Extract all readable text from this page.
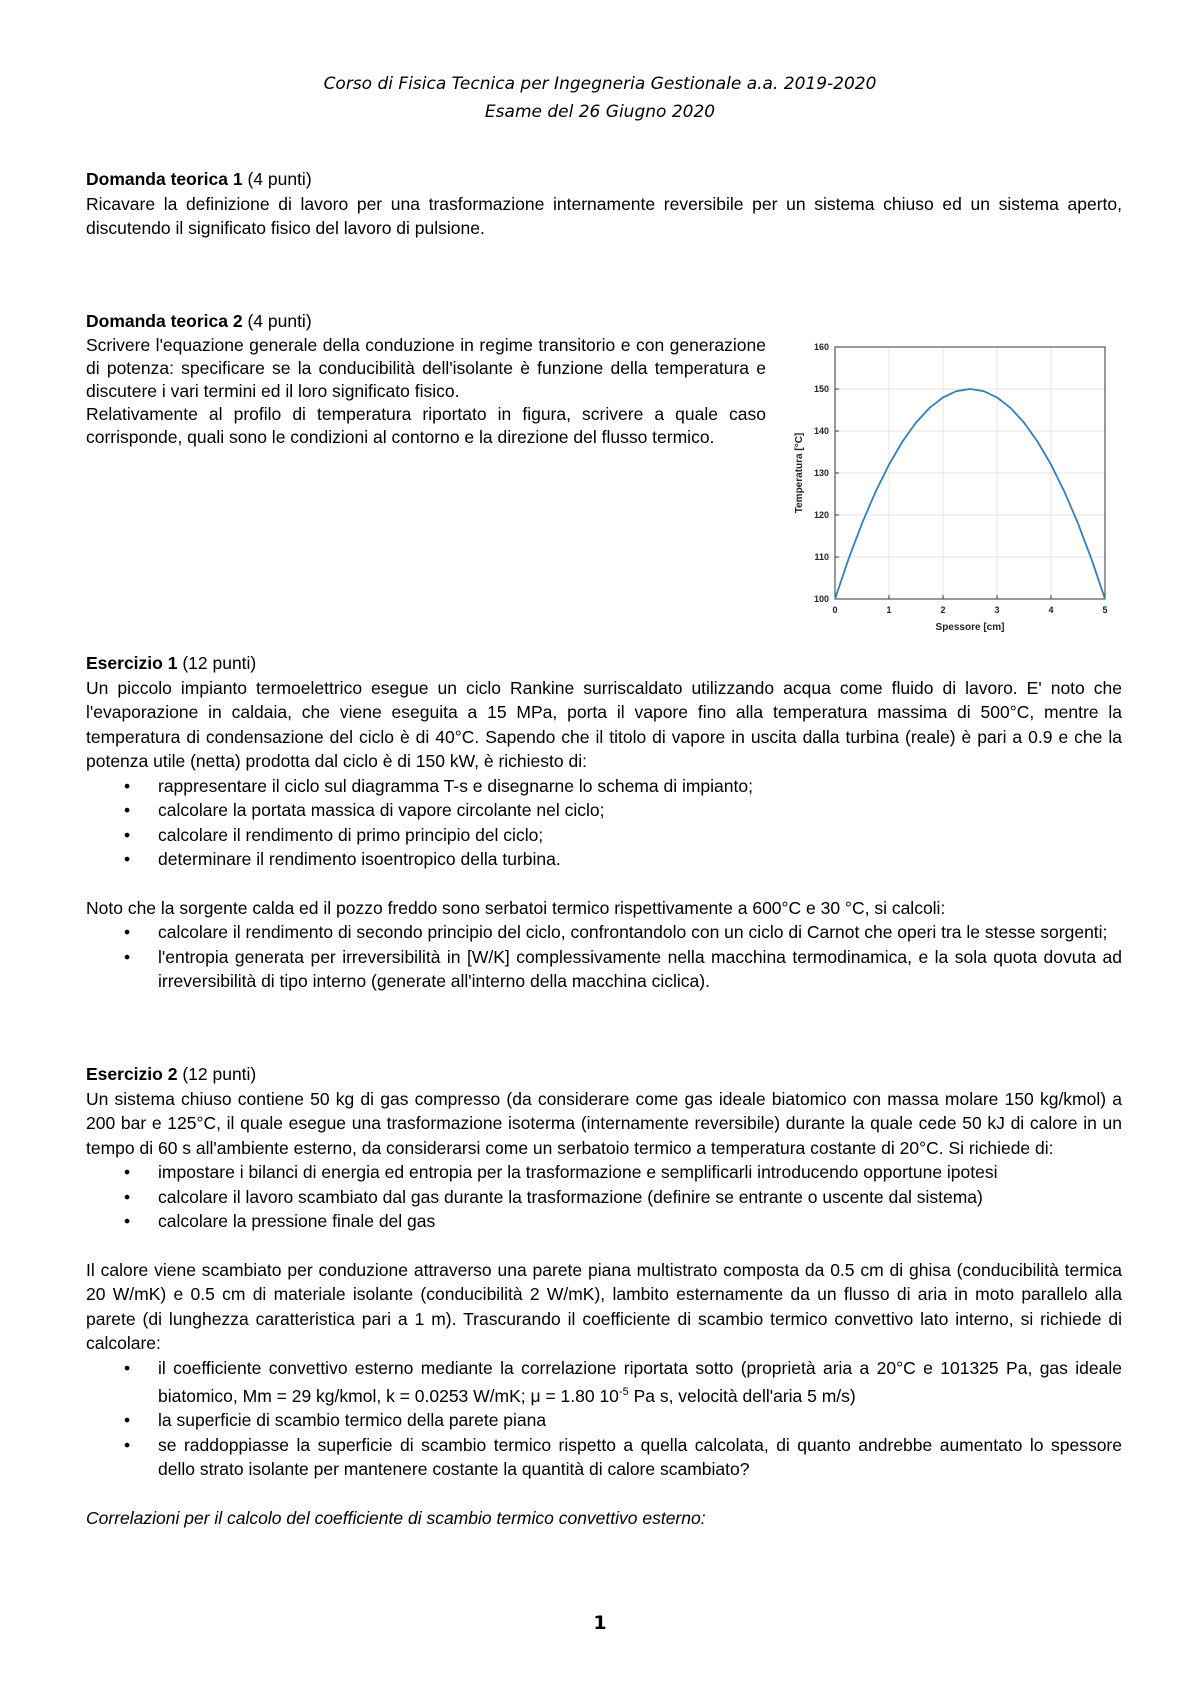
Corso di Fisica Tecnica per Ingegneria Gestionale a.a. 2019-2020
Esame del 26 Giugno 2020

Domanda teorica 1 (4 punti)

Ricavare la definizione di lavoro per una trasformazione internamente reversibile per un sistema chiuso ed un sistema aperto, discutendo il significato fisico del lavoro di pulsione.

Domanda teorica 2 (4 punti)

Scrivere l'equazione generale della conduzione in regime transitorio e con generazione di potenza: specificare se la conducibilità dell'isolante è funzione della temperatura e discutere i vari termini ed il loro significato fisico.

Relativamente al profilo di temperatura riportato in figura, scrivere a quale caso corrisponde, quali sono le condizioni al contorno e la direzione del flusso termico.

0	1	2	3	4	5
100
110
120
130
140
150
160
Spessore [cm]
Temperatura [°C]

Esercizio 1 (12 punti)

Un piccolo impianto termoelettrico esegue un ciclo Rankine surriscaldato utilizzando acqua come fluido di lavoro. E' noto che l'evaporazione in caldaia, che viene eseguita a 15 MPa, porta il vapore fino alla temperatura massima di 500°C, mentre la temperatura di condensazione del ciclo è di 40°C. Sapendo che il titolo di vapore in uscita dalla turbina (reale) è pari a 0.9 e che la potenza utile (netta) prodotta dal ciclo è di 150 kW, è richiesto di:

• rappresentare il ciclo sul diagramma T-s e disegnarne lo schema di impianto;
• calcolare la portata massica di vapore circolante nel ciclo;
• calcolare il rendimento di primo principio del ciclo;
• determinare il rendimento isoentropico della turbina.

Noto che la sorgente calda ed il pozzo freddo sono serbatoi termico rispettivamente a 600°C e 30 °C, si calcoli:

• calcolare il rendimento di secondo principio del ciclo, confrontandolo con un ciclo di Carnot che operi tra le stesse sorgenti;
• l'entropia generata per irreversibilità in [W/K] complessivamente nella macchina termodinamica, e la sola quota dovuta ad irreversibilità di tipo interno (generate all'interno della macchina ciclica).

Esercizio 2 (12 punti)

Un sistema chiuso contiene 50 kg di gas compresso (da considerare come gas ideale biatomico con massa molare 150 kg/kmol) a 200 bar e 125°C, il quale esegue una trasformazione isoterma (internamente reversibile) durante la quale cede 50 kJ di calore in un tempo di 60 s all'ambiente esterno, da considerarsi come un serbatoio termico a temperatura costante di 20°C. Si richiede di:

• impostare i bilanci di energia ed entropia per la trasformazione e semplificarli introducendo opportune ipotesi
• calcolare il lavoro scambiato dal gas durante la trasformazione (definire se entrante o uscente dal sistema)
• calcolare la pressione finale del gas

Il calore viene scambiato per conduzione attraverso una parete piana multistrato composta da 0.5 cm di ghisa (conducibilità termica 20 W/mK) e 0.5 cm di materiale isolante (conducibilità 2 W/mK), lambito esternamente da un flusso di aria in moto parallelo alla parete (di lunghezza caratteristica pari a 1 m). Trascurando il coefficiente di scambio termico convettivo lato interno, si richiede di calcolare:

• il coefficiente convettivo esterno mediante la correlazione riportata sotto (proprietà aria a 20°C e 101325 Pa, gas ideale biatomico, Mm = 29 kg/kmol, k = 0.0253 W/mK; μ = 1.80 $10^{-5}$ Pa s, velocità dell'aria 5 m/s)
• la superficie di scambio termico della parete piana
• se raddoppiasse la superficie di scambio termico rispetto a quella calcolata, di quanto andrebbe aumentato lo spessore dello strato isolante per mantenere costante la quantità di calore scambiato?

Correlazioni per il calcolo del coefficiente di scambio termico convettivo esterno:

1
